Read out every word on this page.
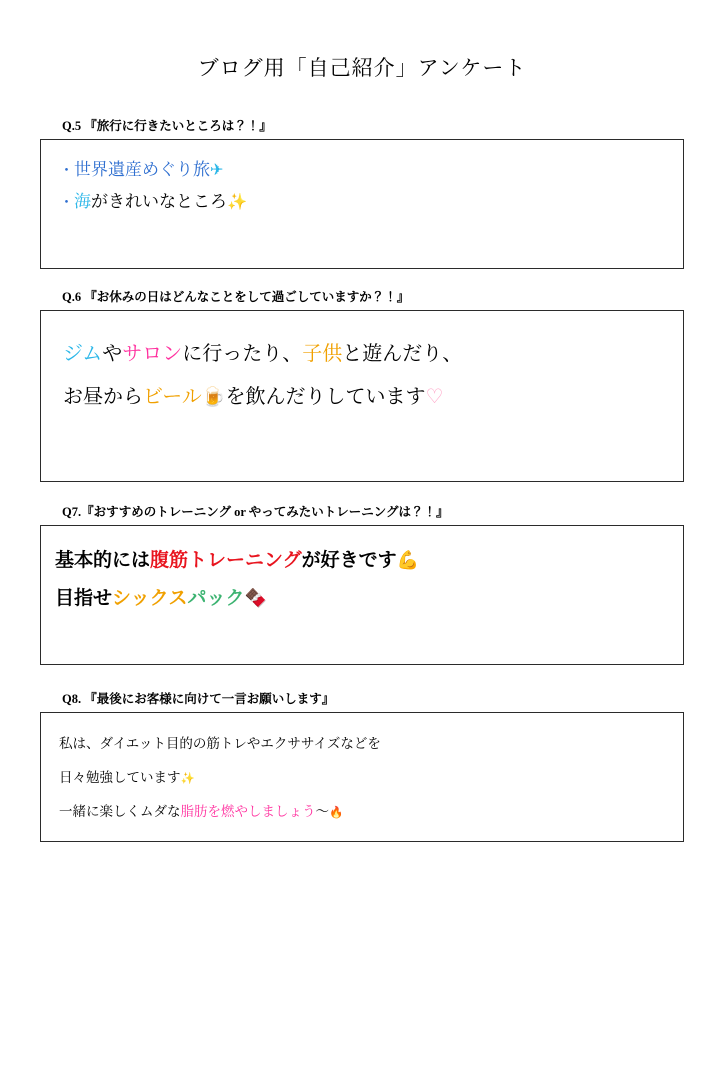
ブログ用「自己紹介」アンケート
Q.5 『旅行に行きたいところは？！』
・世界遺産めぐり旅✈
・海がきれいなところ✨
Q.6 『お休みの日はどんなことをして過ごしていますか？！』
ジムやサロンに行ったり、子供と遊んだり、
お昼からビール🍺を飲んだりしています♡
Q7.『おすすめのトレーニング or やってみたいトレーニングは？！』
基本的には腹筋トレーニングが好きです💪
目指せシックスパック🍫
Q8. 『最後にお客様に向けて一言お願いします』
私は、ダイエット目的の筋トレやエクササイズなどを
日々勉強しています✨
一緒に楽しくムダな脂肪を燃やしましょう〜🔥
